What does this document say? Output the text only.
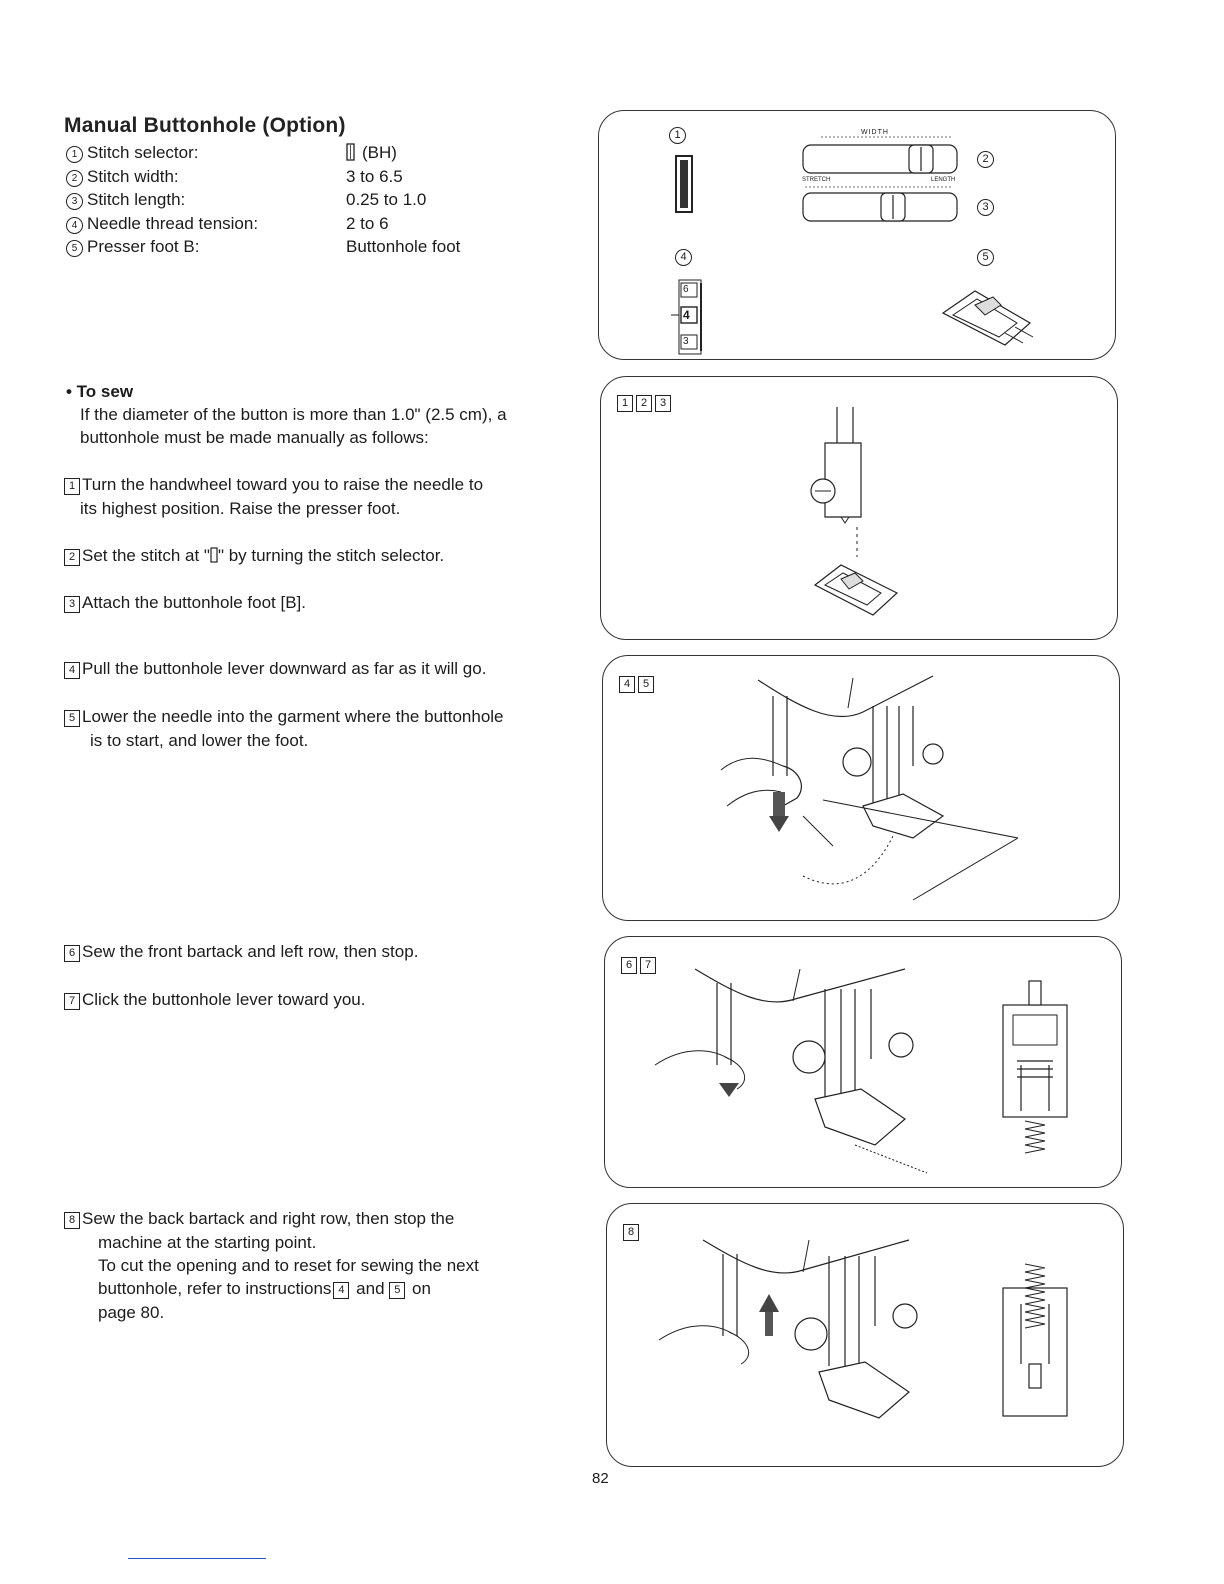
Manual Buttonhole (Option)
1 Stitch selector:	(BH)
2 Stitch width:	3 to 6.5
3 Stitch length:	0.25 to 1.0
4 Needle thread tension:	2 to 6
5 Presser foot B:	Buttonhole foot
• To sew
If the diameter of the button is more than 1.0" (2.5 cm), a
buttonhole must be made manually as follows:
1 Turn the handwheel toward you to raise the needle to
its highest position. Raise the presser foot.
2 Set the stitch at " " by turning the stitch selector.
3 Attach the buttonhole foot [B].
4 Pull the buttonhole lever downward as far as it will go.
5 Lower the needle into the garment where the buttonhole
is to start, and lower the foot.
6 Sew the front bartack and left row, then stop.
7 Click the buttonhole lever toward you.
8 Sew the back bartack and right row, then stop the
machine at the starting point.
To cut the opening and to reset for sewing the next
buttonhole, refer to instructions 4 and 5 on
page 80.
1	WIDTH
STRETCH	LENGTH
2
3
4	5
6
4
3
1 2 3
4 5
6 7
8
82
